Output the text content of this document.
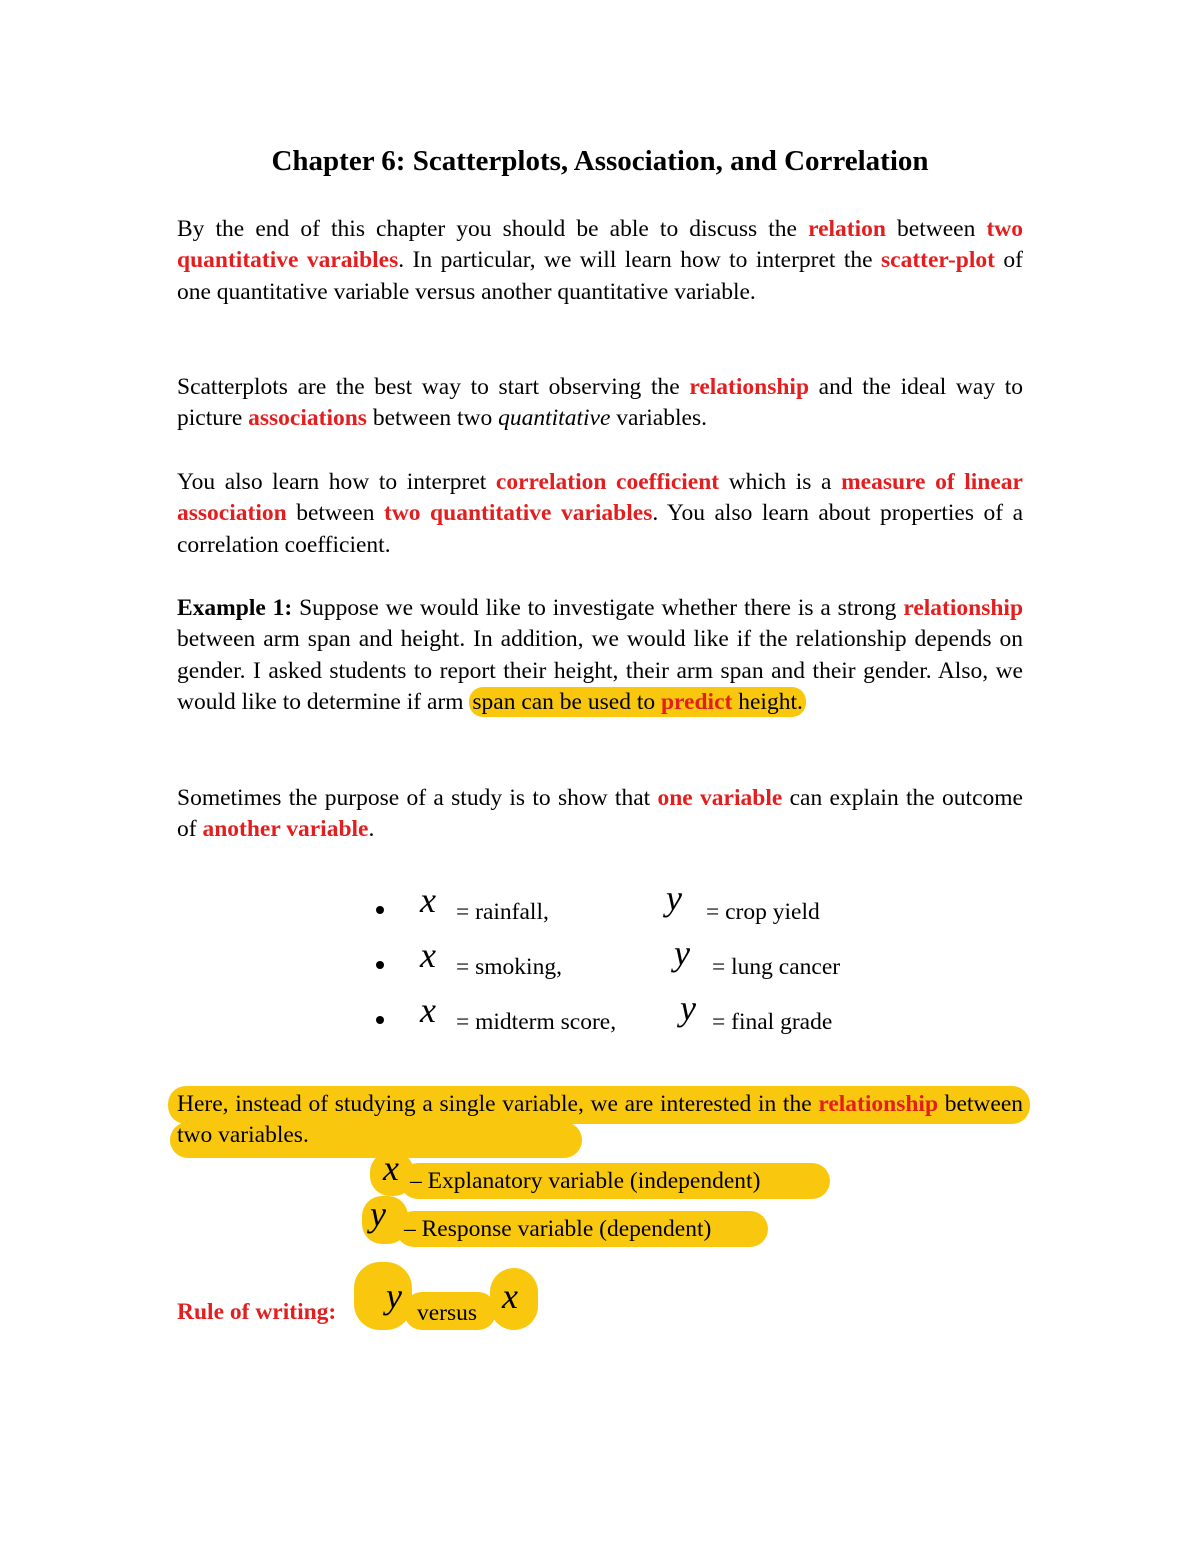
Chapter 6: Scatterplots, Association, and Correlation

By the end of this chapter you should be able to discuss the relation between two quantitative varaibles. In particular, we will learn how to interpret the scatter-plot of one quantitative variable versus another quantitative variable.

Scatterplots are the best way to start observing the relationship and the ideal way to picture associations between two quantitative variables.

You also learn how to interpret correlation coefficient which is a measure of linear association between two quantitative variables. You also learn about properties of a correlation coefficient.

Example 1: Suppose we would like to investigate whether there is a strong relationship between arm span and height. In addition, we would like if the relationship depends on gender. I asked students to report their height, their arm span and their gender. Also, we would like to determine if arm span can be used to predict height.

Sometimes the purpose of a study is to show that one variable can explain the outcome of another variable.

x = rainfall,	y = crop yield
x = smoking,	y = lung cancer
x = midterm score, y = final grade

Here, instead of studying a single variable, we are interested in the relationship between two variables.

x – Explanatory variable (independent)
y – Response variable (dependent)
Rule of writing: y versus x
